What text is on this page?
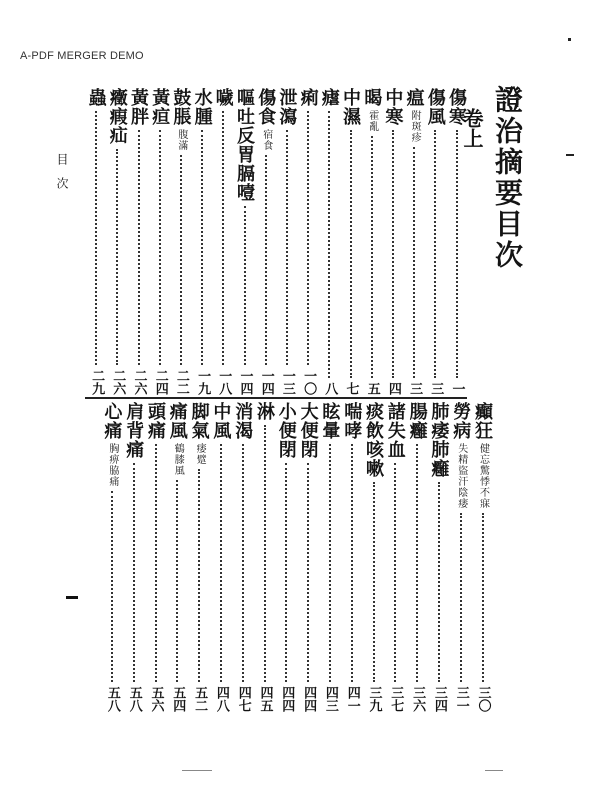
A-PDF MERGER DEMO
證治摘要目次
卷上
目次
傷寒
一
傷風
三
瘟
附斑疹
三
中寒
四
暍
霍亂
五
中濕
七
瘧
八
痢
一〇
泄瀉
一三
傷食
宿食
一四
嘔吐反胃膈噎
一四
噦
一八
水腫
一九
鼓脹
腹滿
二二
黃疸
二四
黃胖
二六
癥瘕疝
二六
蟲
二九
癲狂
健忘驚悸不寐
三〇
勞病
失精盜汗陰痿
三一
肺痿肺癰
三四
腸癰
三六
諸失血
三七
痰飲咳嗽
三九
喘哮
四一
眩暈
四三
大便閉
四四
小便閉
四四
淋
四五
消渴
四七
中風
四八
脚氣
痿躄
五二
痛風
鶴膝風
五四
頭痛
五六
肩背痛
五八
心痛
胸痹脇痛
五八
